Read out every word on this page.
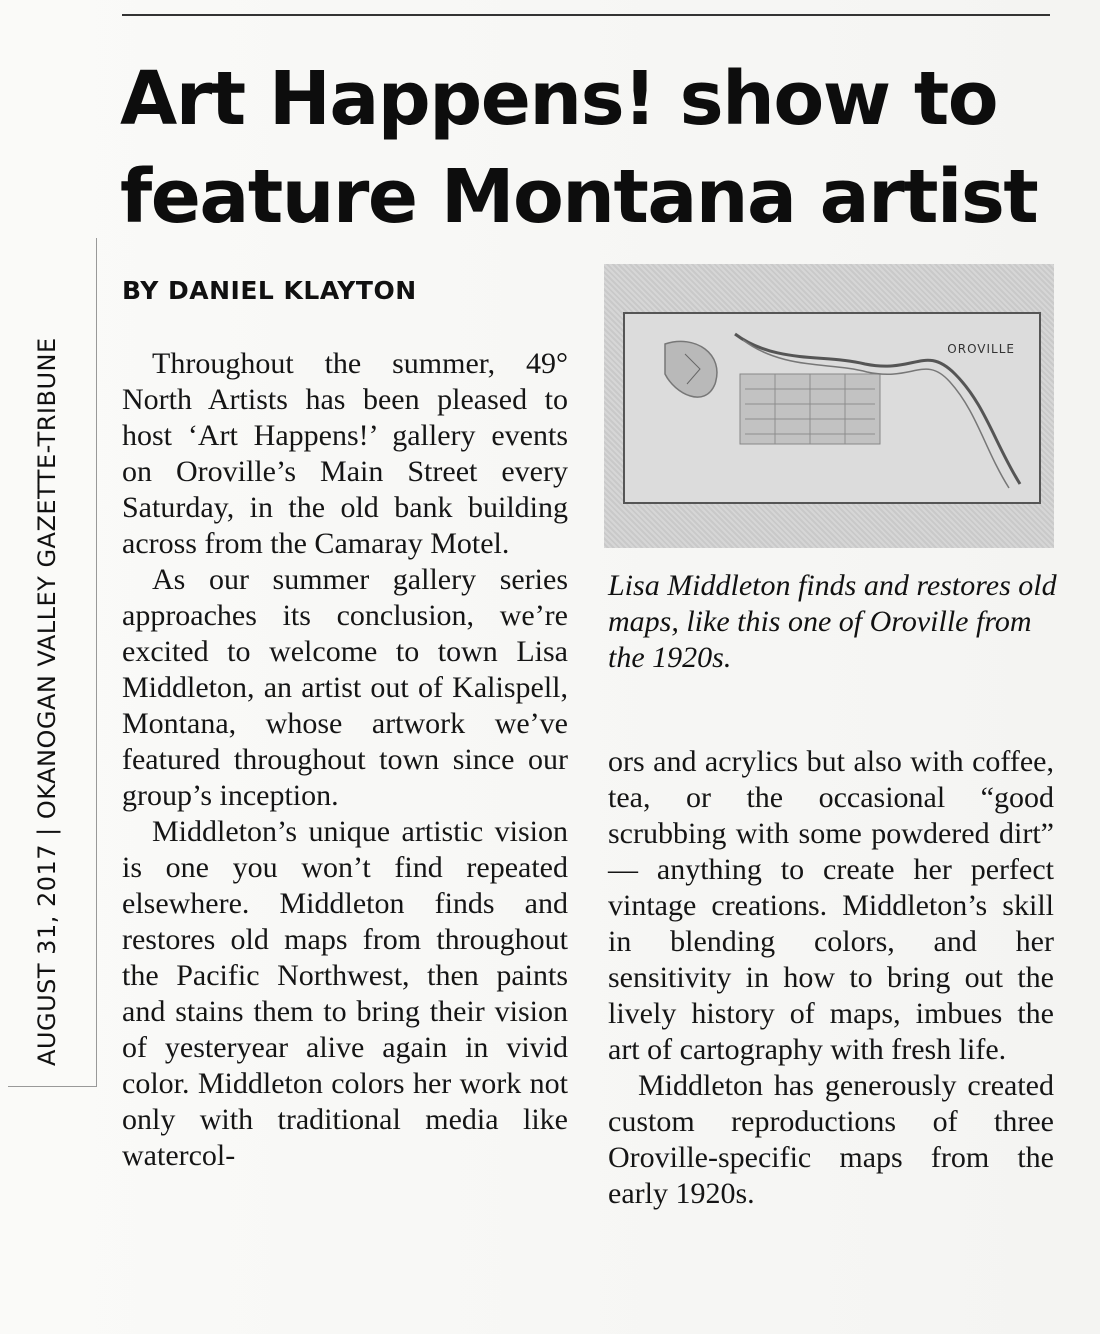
Art Happens! show to
feature Montana artist
AUGUST 31, 2017 | OKANOGAN VALLEY GAZETTE-TRIBUNE
BY DANIEL KLAYTON

Throughout the summer, 49° North Artists has been pleased to host ‘Art Happens!’ gallery events on Oroville’s Main Street every Saturday, in the old bank building across from the Camaray Motel.

As our summer gallery series approaches its conclusion, we’re excited to welcome to town Lisa Middleton, an artist out of Kalispell, Montana, whose artwork we’ve featured throughout town since our group’s inception.

Middleton’s unique artistic vision is one you won’t find repeated elsewhere. Middleton finds and restores old maps from throughout the Pacific Northwest, then paints and stains them to bring their vision of yesteryear alive again in vivid color. Middleton colors her work not only with traditional media like watercol-

OROVILLE

Lisa Middleton finds and restores old maps, like this one of Oroville from the 1920s.

ors and acrylics but also with coffee, tea, or the occasional “good scrubbing with some powdered dirt” — anything to create her perfect vintage creations. Middleton’s skill in blending colors, and her sensitivity in how to bring out the lively history of maps, imbues the art of cartography with fresh life.

Middleton has generously created custom reproductions of three Oroville-specific maps from the early 1920s.
